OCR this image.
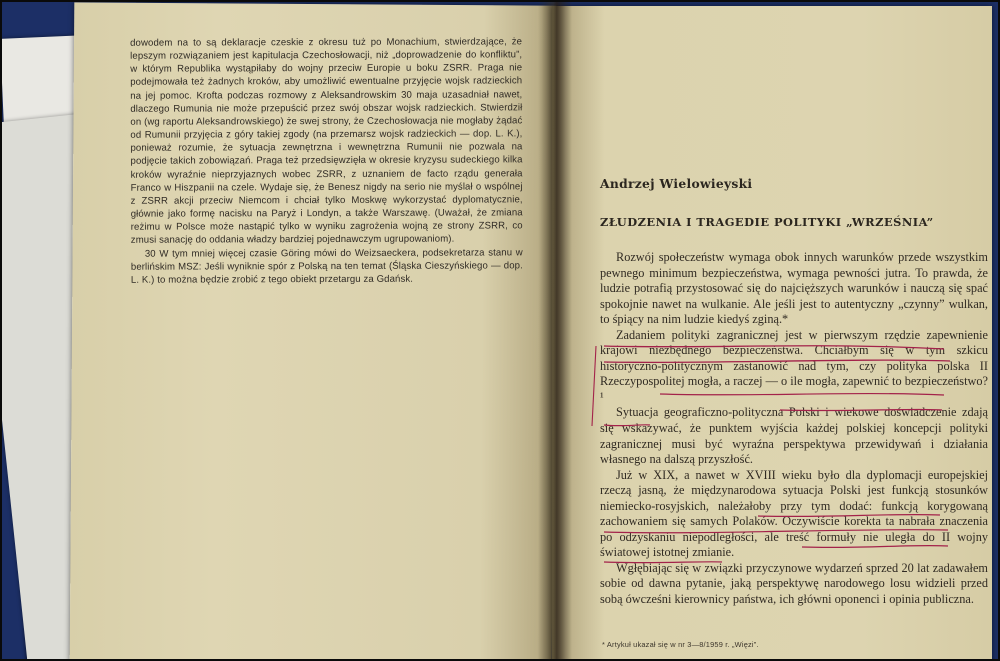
dowodem na to są deklaracje czeskie z okresu tuż po Monachium, stwierdzające, że lepszym rozwiązaniem jest kapitulacja Czechosłowacji, niż „doprowadzenie do konfliktu”, w którym Republika wystąpiłaby do wojny przeciw Europie u boku ZSRR. Praga nie podejmowała też żadnych kroków, aby umożliwić ewentualne przyjęcie wojsk radzieckich na jej pomoc. Krofta podczas rozmowy z Aleksandrowskim 30 maja uzasadniał nawet, dlaczego Rumunia nie może przepuścić przez swój obszar wojsk radzieckich. Stwierdził on (wg raportu Aleksandrowskiego) że swej strony, że Czechosłowacja nie mogłaby żądać od Rumunii przyjęcia z góry takiej zgody (na przemarsz wojsk radzieckich — dop. L. K.), ponieważ rozumie, że sytuacja zewnętrzna i wewnętrzna Rumunii nie pozwala na podjęcie takich zobowiązań. Praga też przedsięwzięła w okresie kryzysu sudeckiego kilka kroków wyraźnie nieprzyjaznych wobec ZSRR, z uznaniem de facto rządu generała Franco w Hiszpanii na czele. Wydaje się, że Benesz nigdy na serio nie myślał o wspólnej z ZSRR akcji przeciw Niemcom i chciał tylko Moskwę wykorzystać dyplomatycznie, głównie jako formę nacisku na Paryż i Londyn, a także Warszawę. (Uważał, że zmiana reżimu w Polsce może nastąpić tylko w wyniku zagrożenia wojną ze strony ZSRR, co zmusi sanację do oddania władzy bardziej pojednawczym ugrupowaniom).

30 W tym mniej więcej czasie Göring mówi do Weizsaeckera, podsekretarza stanu w berlińskim MSZ: Jeśli wyniknie spór z Polską na ten temat (Śląska Cieszyńskiego — dop. L. K.) to można będzie zrobić z tego obiekt przetargu za Gdańsk.

Andrzej Wielowieyski
ZŁUDZENIA I TRAGEDIE POLITYKI „WRZEŚNIA”

Rozwój społeczeństw wymaga obok innych warunków przede wszystkim pewnego minimum bezpieczeństwa, wymaga pewności jutra. To prawda, że ludzie potrafią przystosować się do najcięższych warunków i nauczą się spać spokojnie nawet na wulkanie. Ale jeśli jest to autentyczny „czynny” wulkan, to śpiący na nim ludzie kiedyś zginą.*

Zadaniem polityki zagranicznej jest w pierwszym rzędzie zapewnienie krajowi niezbędnego bezpieczeństwa. Chciałbym się w tym szkicu historyczno-politycznym zastanowić nad tym, czy polityka polska II Rzeczypospolitej mogła, a raczej — o ile mogła, zapewnić to bezpieczeństwo?¹

Sytuacja geograficzno-polityczna Polski i wiekowe doświadczenie zdają się wskazywać, że punktem wyjścia każdej polskiej koncepcji polityki zagranicznej musi być wyraźna perspektywa przewidywań i działania własnego na dalszą przyszłość.

Już w XIX, a nawet w XVIII wieku było dla dyplomacji europejskiej rzeczą jasną, że międzynarodowa sytuacja Polski jest funkcją stosunków niemiecko-rosyjskich, należałoby przy tym dodać: funkcją korygowaną zachowaniem się samych Polaków. Oczywiście korekta ta nabrała znaczenia po odzyskaniu niepodległości, ale treść formuły nie uległa do II wojny światowej istotnej zmianie.

Wgłębiając się w związki przyczynowe wydarzeń sprzed 20 lat zadawałem sobie od dawna pytanie, jaką perspektywę narodowego losu widzieli przed sobą ówcześni kierownicy państwa, ich główni oponenci i opinia publiczna.

* Artykuł ukazał się w nr 3—8/1959 r. „Więzi”.
